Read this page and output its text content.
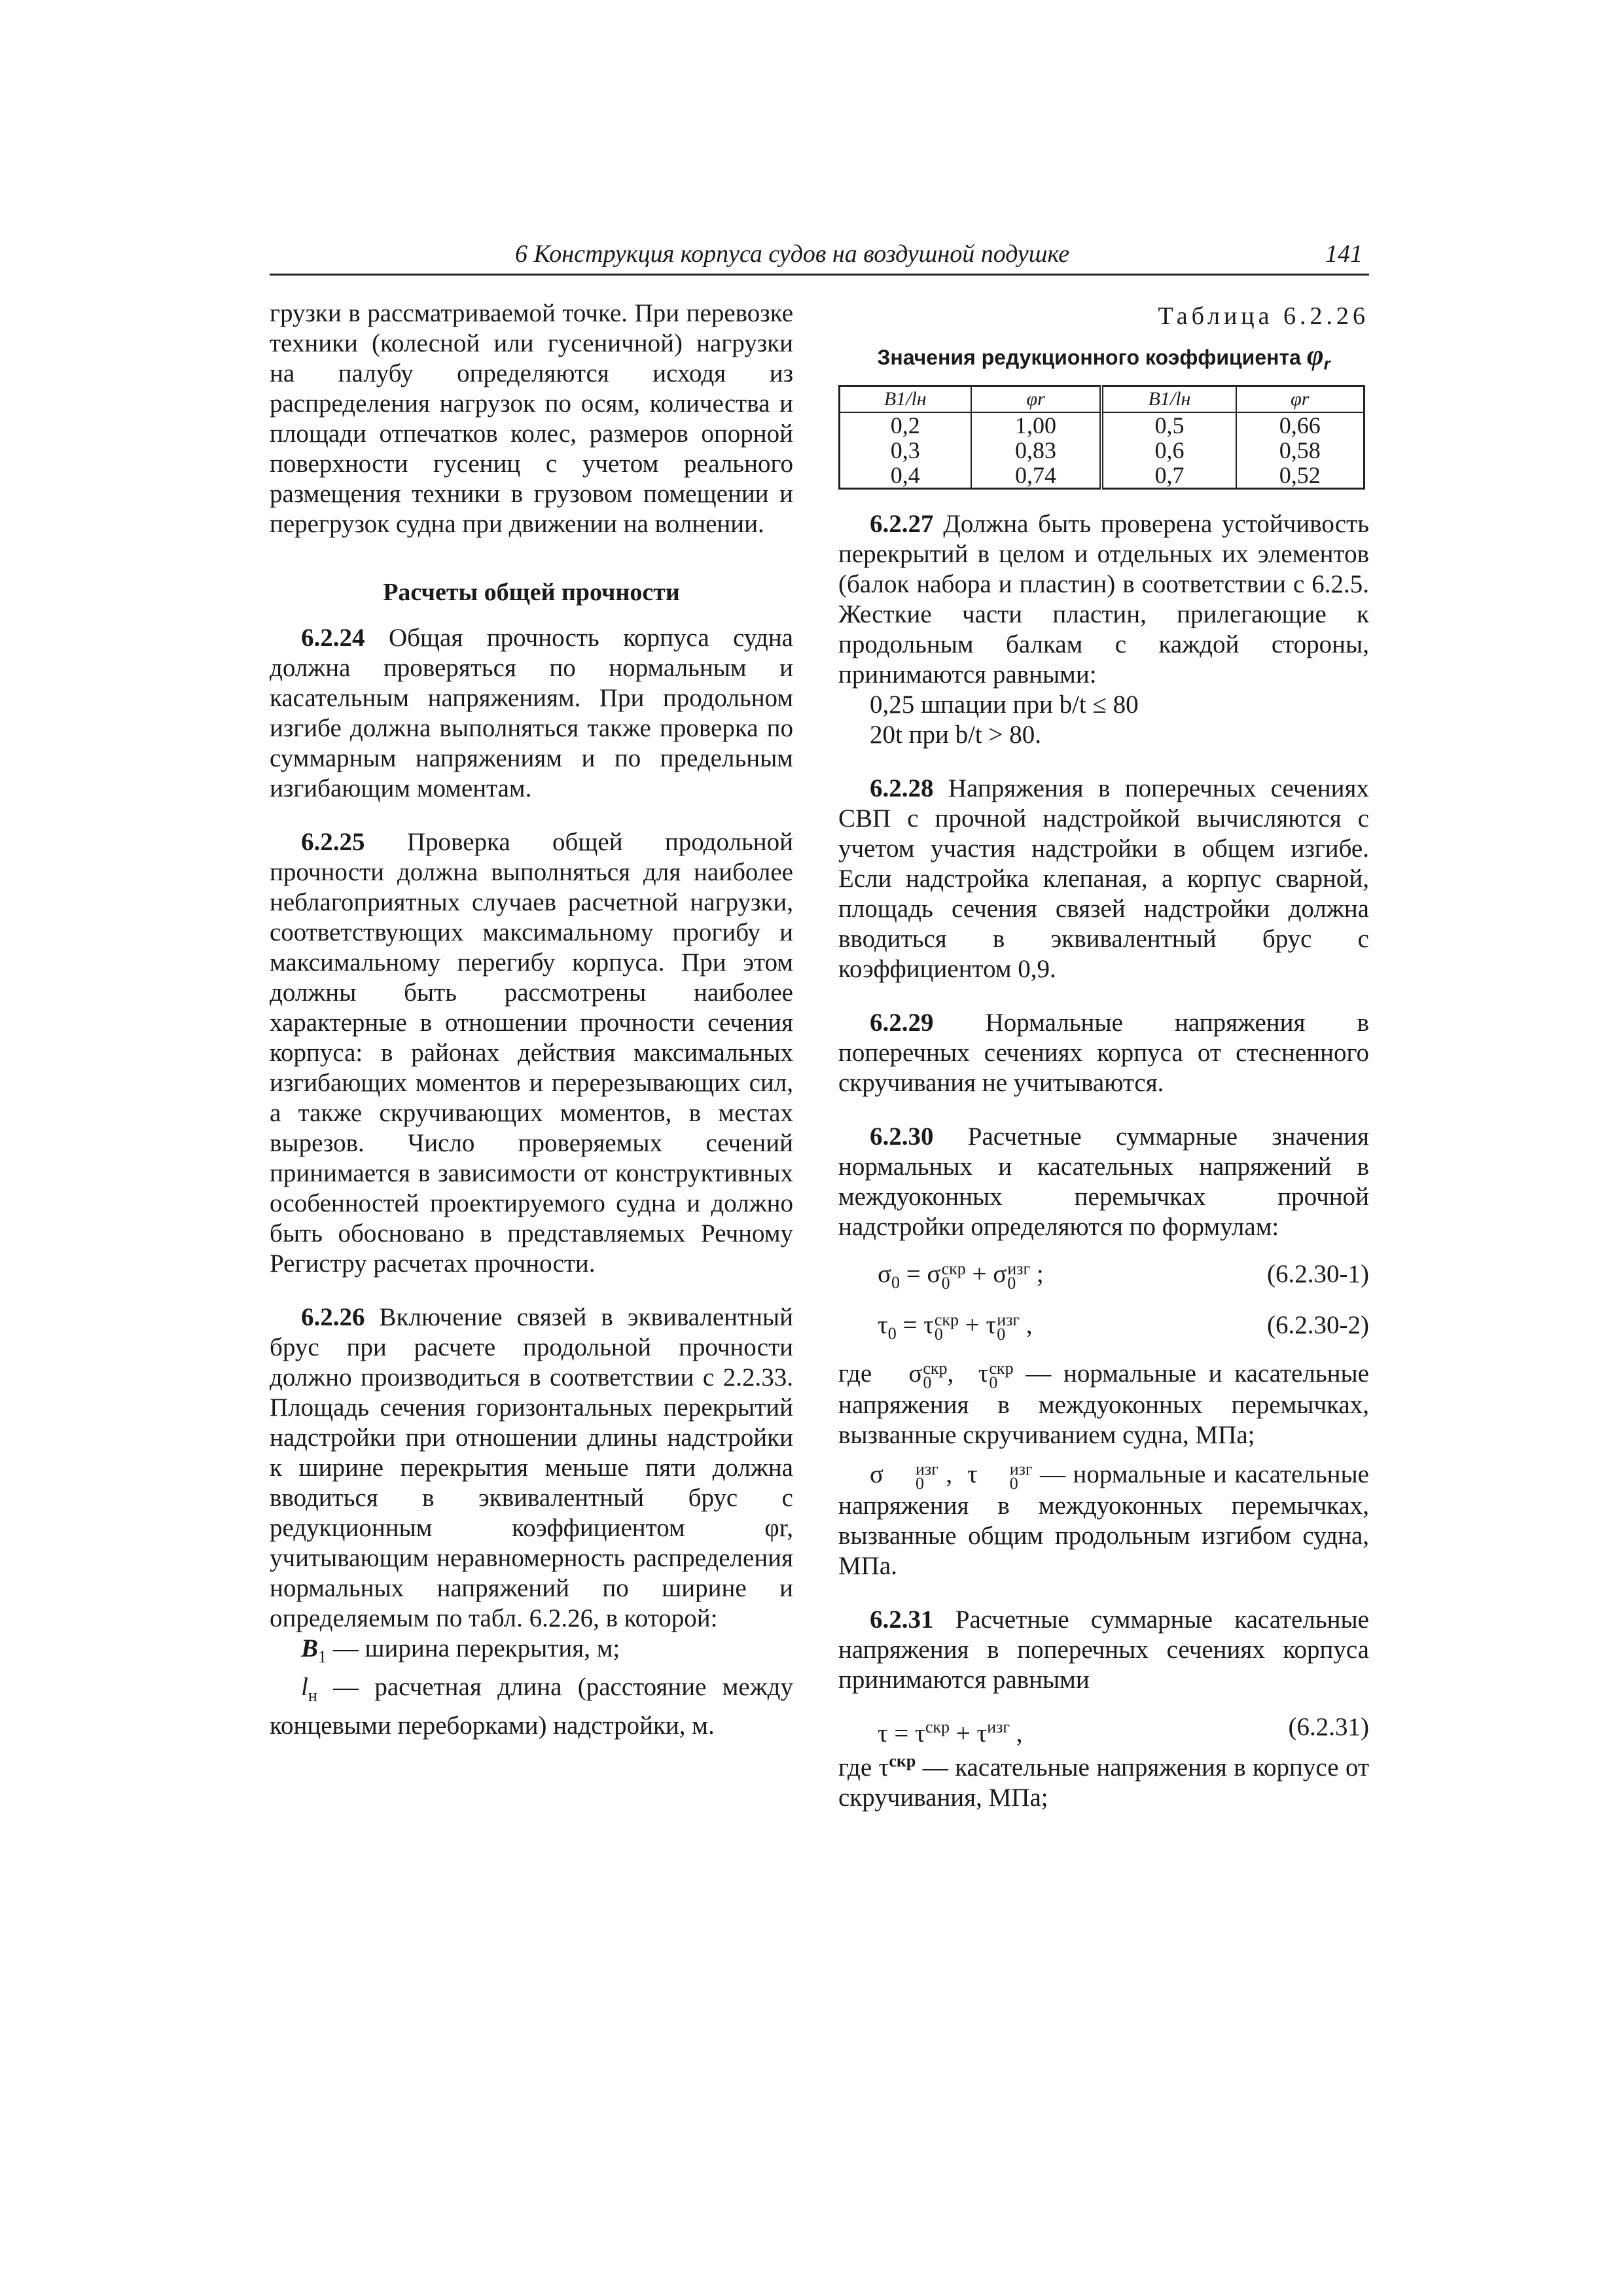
6 Конструкция корпуса судов на воздушной подушке	141

грузки в рассматриваемой точке. При перевозке техники (колесной или гусеничной) нагрузки на палубу определяются исходя из распределения нагрузок по осям, количества и площади отпечатков колес, размеров опорной поверхности гусениц с учетом реального размещения техники в грузовом помещении и перегрузок судна при движении на волнении.

Расчеты общей прочности

6.2.24 Общая прочность корпуса судна должна проверяться по нормальным и касательным напряжениям. При продольном изгибе должна выполняться также проверка по суммарным напряжениям и по предельным изгибающим моментам.

6.2.25 Проверка общей продольной прочности должна выполняться для наиболее неблагоприятных случаев расчетной нагрузки, соответствующих максимальному прогибу и максимальному перегибу корпуса. При этом должны быть рассмотрены наиболее характерные в отношении прочности сечения корпуса: в районах действия максимальных изгибающих моментов и перерезывающих сил, а также скручивающих моментов, в местах вырезов. Число проверяемых сечений принимается в зависимости от конструктивных особенностей проектируемого судна и должно быть обосновано в представляемых Речному Регистру расчетах прочности.

6.2.26 Включение связей в эквивалентный брус при расчете продольной прочности должно производиться в соответствии с 2.2.33. Площадь сечения горизонтальных перекрытий надстройки при отношении длины надстройки к ширине перекрытия меньше пяти должна вводиться в эквивалентный брус с редукционным коэффициентом φr, учитывающим неравномерность распределения нормальных напряжений по ширине и определяемым по табл. 6.2.26, в которой:

$B_1$ — ширина перекрытия, м;

$l_н$ — расчетная длина (расстояние между концевыми переборками) надстройки, м.

Таблица 6.2.26
Значения редукционного коэффициента $\varphi_r$
B1/lн	φr	B1/lн	φr
0,2	1,00	0,5	0,66
0,3	0,83	0,6	0,58
0,4	0,74	0,7	0,52

6.2.27 Должна быть проверена устойчивость перекрытий в целом и отдельных их элементов (балок набора и пластин) в соответствии с 6.2.5. Жесткие части пластин, прилегающие к продольным балкам с каждой стороны, принимаются равными:

0,25 шпации при b/t ≤ 80

20t при b/t > 80.

6.2.28 Напряжения в поперечных сечениях СВП с прочной надстройкой вычисляются с учетом участия надстройки в общем изгибе. Если надстройка клепаная, а корпус сварной, площадь сечения связей надстройки должна вводиться в эквивалентный брус с коэффициентом 0,9.

6.2.29 Нормальные напряжения в поперечных сечениях корпуса от стесненного скручивания не учитываются.

6.2.30 Расчетные суммарные значения нормальных и касательных напряжений в междуоконных перемычках прочной надстройки определяются по формулам:

$\sigma_0 = \sigma$ скр
0 + σ изг
0 ;	(6.2.30-1)
$\tau_0 = \tau$ скр
0 + τ изг
0 ,	(6.2.30-2)

где   σ скр
0 ,  τ скр
0 — нормальные и касательные напряжения в междуоконных перемычках, вызванные скручиванием судна, МПа;

σ	изг
0 ,  τ	изг
0 — нормальные и касательные напряжения в междуоконных перемычках, вызванные общим продольным изгибом судна, МПа.

6.2.31 Расчетные суммарные касательные напряжения в поперечных сечениях корпуса принимаются равными

$\tau = \tau^{скр} + \tau^{изг}$ ,	(6.2.31)

где $\tau^{скр}$ — касательные напряжения в корпусе от скручивания, МПа;
